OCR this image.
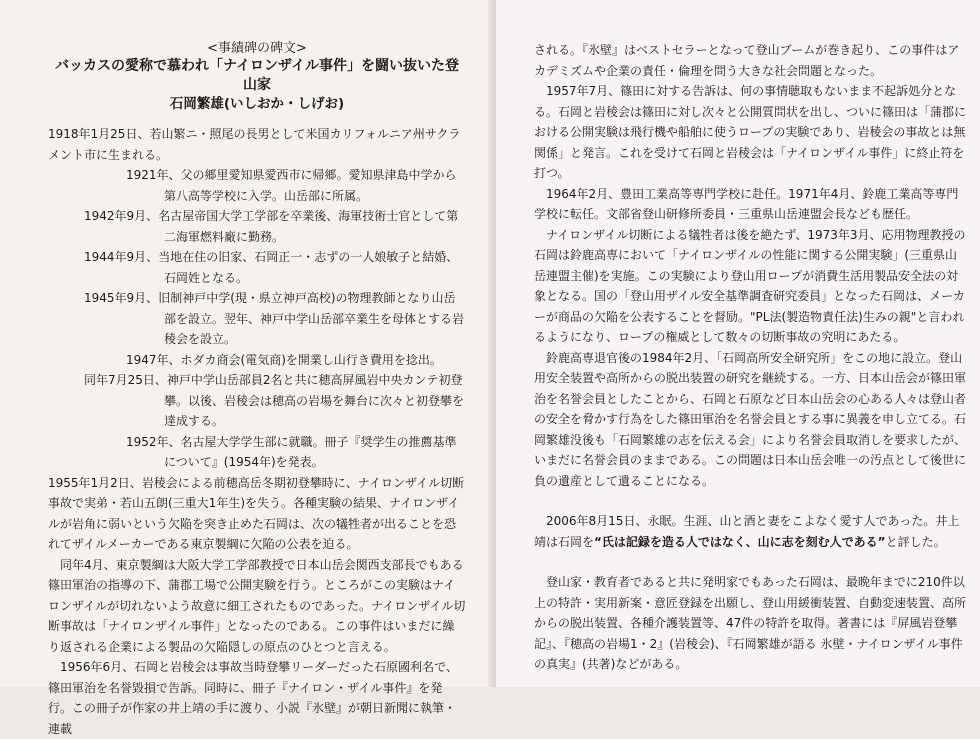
<事績碑の碑文>

バッカスの愛称で慕われ「ナイロンザイル事件」を闘い抜いた登山家

石岡繁雄(いしおか・しげお)

1918年1月25日、若山繁ニ・照尾の長男として米国カリフォルニア州サクラメント市に生まれる。

1921年、父の郷里愛知県愛西市に帰郷。愛知県津島中学から第八高等学校に入学。山岳部に所属。

1942年9月、名古屋帝国大学工学部を卒業後、海軍技術士官として第二海軍燃料廠に勤務。

1944年9月、当地在住の旧家、石岡正一・志ずの一人娘敏子と結婚、石岡姓となる。

1945年9月、旧制神戸中学(現・県立神戸高校)の物理教師となり山岳部を設立。翌年、神戸中学山岳部卒業生を母体とする岩稜会を設立。

1947年、ホダカ商会(電気商)を開業し山行き費用を捻出。

同年7月25日、神戸中学山岳部員2名と共に穂高屏風岩中央カンテ初登攀。以後、岩稜会は穂高の岩場を舞台に次々と初登攀を達成する。

1952年、名古屋大学学生部に就職。冊子『奨学生の推薦基準について』(1954年)を発表。

1955年1月2日、岩稜会による前穂高岳冬期初登攀時に、ナイロンザイル切断事故で実弟・若山五朗(三重大1年生)を失う。各種実験の結果、ナイロンザイルが岩角に弱いという欠陥を突き止めた石岡は、次の犠牲者が出ることを恐れてザイルメーカーである東京製綱に欠陥の公表を迫る。

同年4月、東京製綱は大阪大学工学部教授で日本山岳会関西支部長でもある篠田軍治の指導の下、蒲郡工場で公開実験を行う。ところがこの実験はナイロンザイルが切れないよう故意に細工されたものであった。ナイロンザイル切断事故は「ナイロンザイル事件」となったのである。この事件はいまだに繰り返される企業による製品の欠陥隠しの原点のひとつと言える。

1956年6月、石岡と岩稜会は事故当時登攀リーダーだった石原國利名で、篠田軍治を名誉毀損で告訴。同時に、冊子『ナイロン・ザイル事件』を発行。この冊子が作家の井上靖の手に渡り、小説『氷壁』が朝日新聞に執筆・連載

される。『氷壁』はベストセラーとなって登山ブームが巻き起り、この事件はアカデミズムや企業の責任・倫理を問う大きな社会問題となった。

1957年7月、篠田に対する告訴は、何の事情聴取もないまま不起訴処分となる。石岡と岩稜会は篠田に対し次々と公開質問状を出し、ついに篠田は「蒲郡における公開実験は飛行機や船舶に使うロープの実験であり、岩稜会の事故とは無関係」と発言。これを受けて石岡と岩稜会は「ナイロンザイル事件」に終止符を打つ。

1964年2月、豊田工業高等専門学校に赴任。1971年4月、鈴鹿工業高等専門学校に転任。文部省登山研修所委員・三重県山岳連盟会長なども歴任。

ナイロンザイル切断による犠牲者は後を絶たず、1973年3月、応用物理教授の石岡は鈴鹿高専において「ナイロンザイルの性能に関する公開実験」(三重県山岳連盟主催)を実施。この実験により登山用ロープが消費生活用製品安全法の対象となる。国の「登山用ザイル安全基準調査研究委員」となった石岡は、メーカーが商品の欠陥を公表することを督励。"PL法(製造物責任法)生みの親"と言われるようになり、ロープの権威として数々の切断事故の究明にあたる。

鈴鹿高専退官後の1984年2月、「石岡高所安全研究所」をこの地に設立。登山用安全装置や高所からの脱出装置の研究を継続する。一方、日本山岳会が篠田軍治を名誉会員としたことから、石岡と石原など日本山岳会の心ある人々は登山者の安全を脅かす行為をした篠田軍治を名誉会員とする事に異義を申し立てる。石岡繁雄没後も「石岡繁雄の志を伝える会」により名誉会員取消しを要求したが、いまだに名誉会員のままである。この問題は日本山岳会唯一の汚点として後世に負の遺産として遺ることになる。

2006年8月15日、永眠。生涯、山と酒と妻をこよなく愛す人であった。井上靖は石岡を“氏は記録を造る人ではなく、山に志を刻む人である”と評した。

登山家・教育者であると共に発明家でもあった石岡は、最晩年までに210件以上の特許・実用新案・意匠登録を出願し、登山用緩衝装置、自動変速装置、高所からの脱出装置、各種介護装置等、47件の特許を取得。著書には『屏風岩登攀記』、『穂高の岩場1・2』(岩稜会)、『石岡繁雄が語る 氷壁・ナイロンザイル事件の真実』(共著)などがある。
